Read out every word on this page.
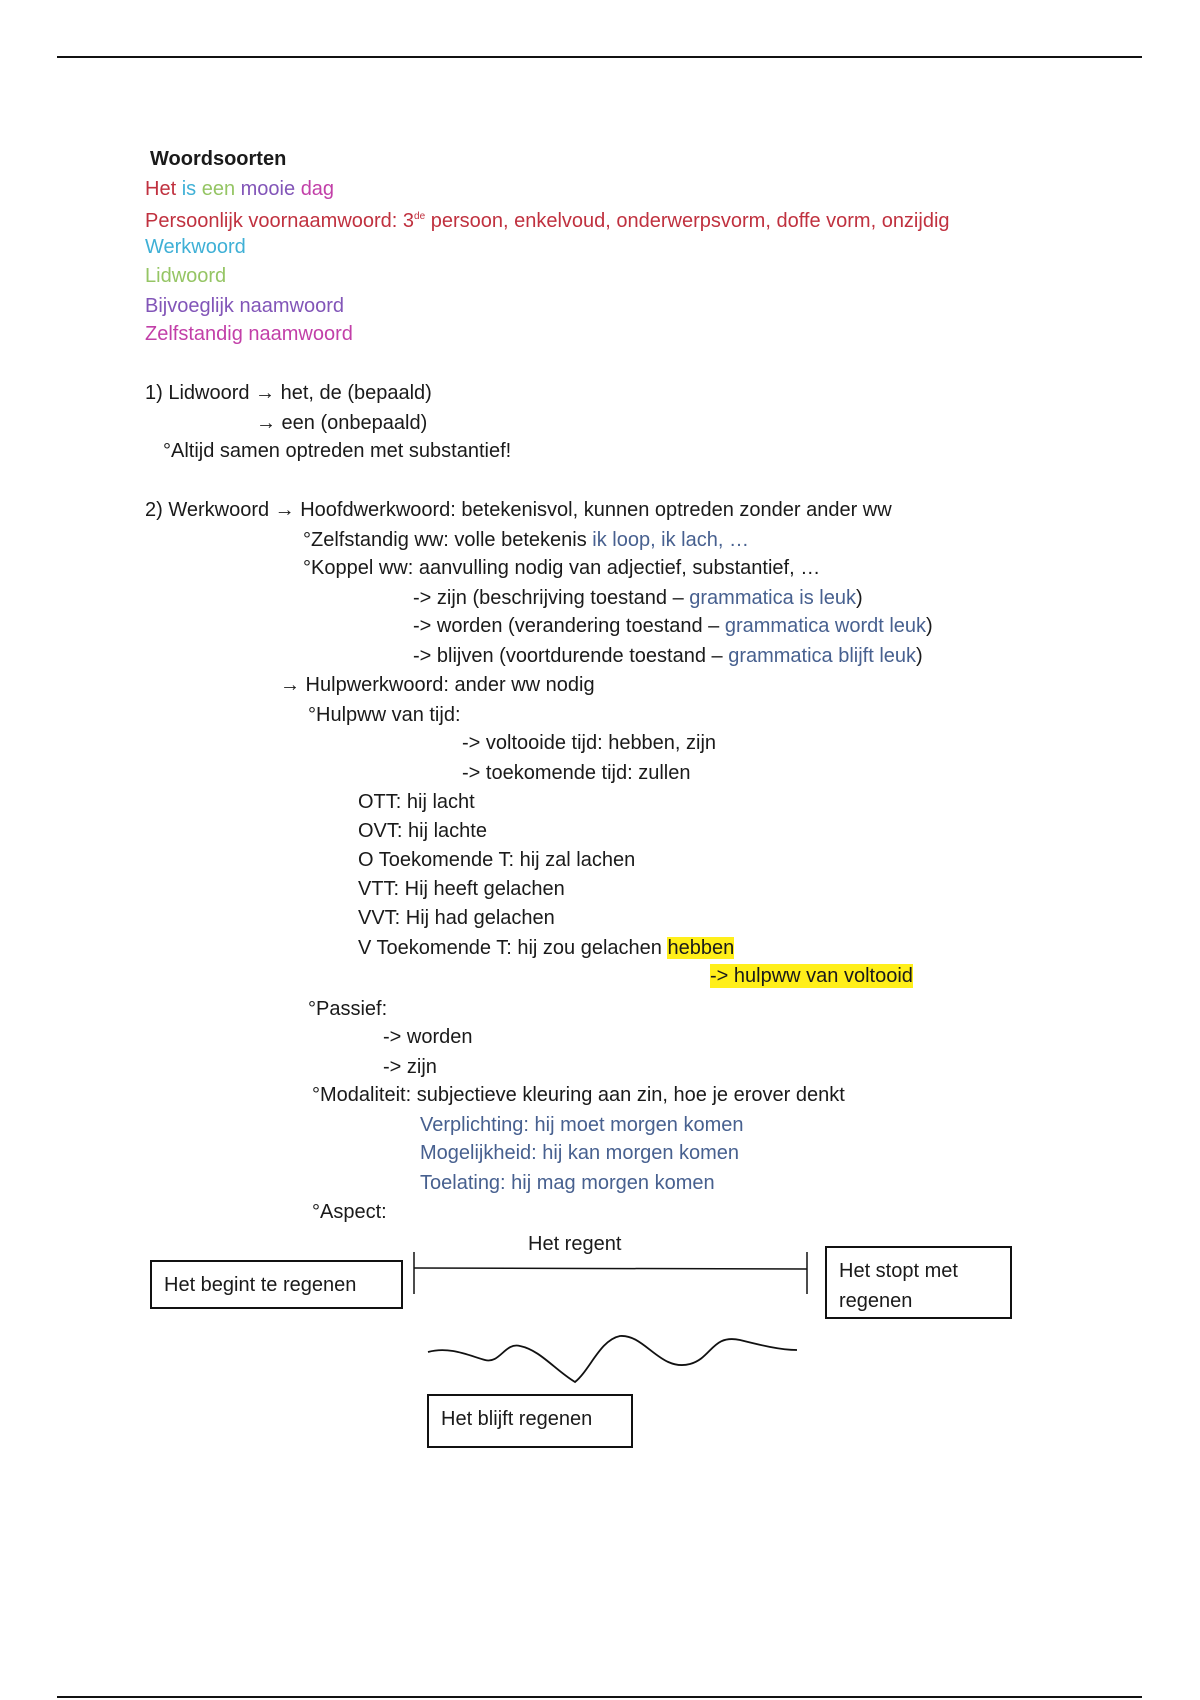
Woordsoorten
Het is een mooie dag
Persoonlijk voornaamwoord: 3de persoon, enkelvoud, onderwerpsvorm, doffe vorm, onzijdig
Werkwoord
Lidwoord
Bijvoeglijk naamwoord
Zelfstandig naamwoord
1) Lidwoord → het, de (bepaald)
→ een (onbepaald)
°Altijd samen optreden met substantief!
2) Werkwoord → Hoofdwerkwoord: betekenisvol, kunnen optreden zonder ander ww
°Zelfstandig ww: volle betekenis ik loop, ik lach, …
°Koppel ww: aanvulling nodig van adjectief, substantief, …
-> zijn (beschrijving toestand – grammatica is leuk)
-> worden (verandering toestand – grammatica wordt leuk)
-> blijven (voortdurende toestand – grammatica blijft leuk)
→ Hulpwerkwoord: ander ww nodig
°Hulpww van tijd:
-> voltooide tijd: hebben, zijn
-> toekomende tijd: zullen
OTT: hij lacht
OVT: hij lachte
O Toekomende T: hij zal lachen
VTT: Hij heeft gelachen
VVT: Hij had gelachen
V Toekomende T: hij zou gelachen hebben
-> hulpww van voltooid
°Passief:
-> worden
-> zijn
°Modaliteit: subjectieve kleuring aan zin, hoe je erover denkt
Verplichting: hij moet morgen komen
Mogelijkheid: hij kan morgen komen
Toelating: hij mag morgen komen
°Aspect:
Het regent
Het begint te regenen
Het stopt met regenen
Het blijft regenen
